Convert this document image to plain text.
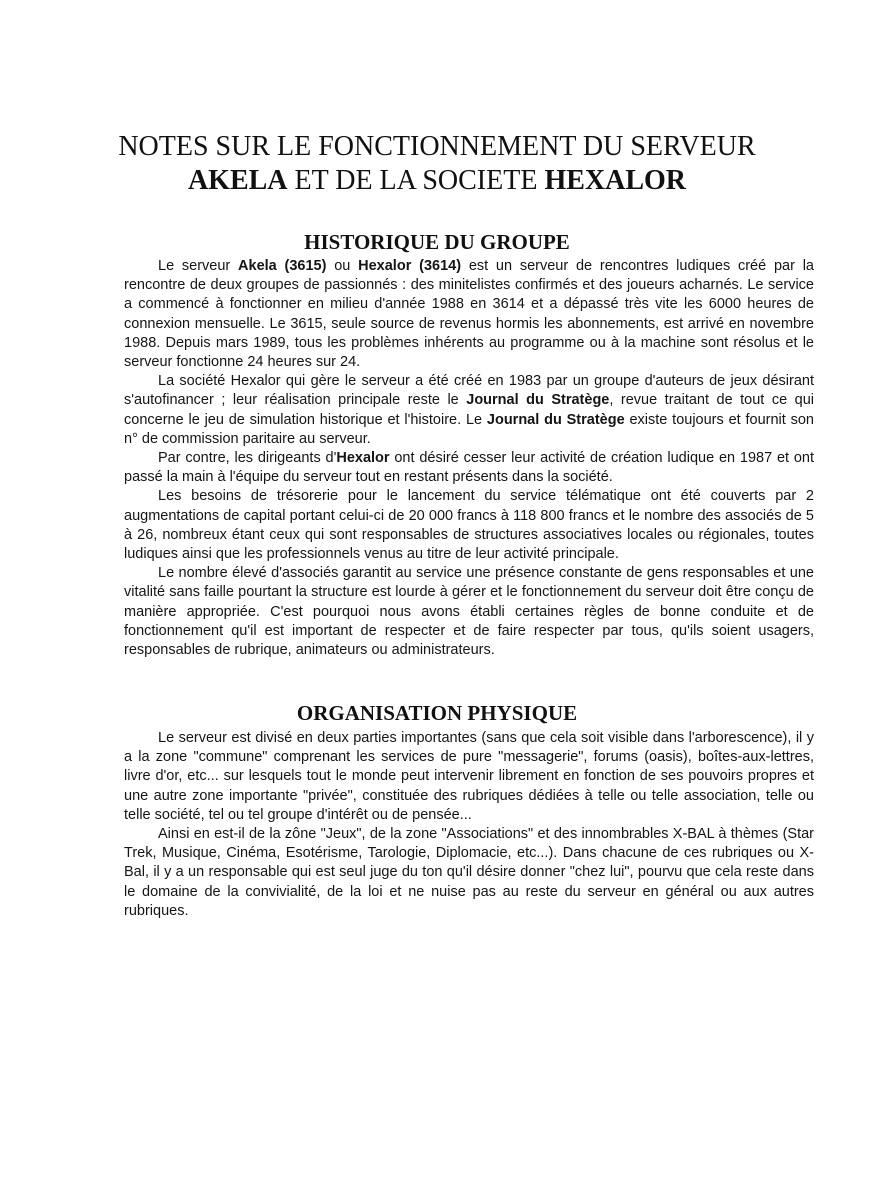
NOTES SUR LE FONCTIONNEMENT DU SERVEUR
AKELA ET DE LA SOCIETE HEXALOR
HISTORIQUE DU GROUPE

Le serveur Akela (3615) ou Hexalor (3614) est un serveur de rencontres ludiques créé par la rencontre de deux groupes de passionnés : des minitelistes confirmés et des joueurs acharnés. Le service a commencé à fonctionner en milieu d'année 1988 en 3614 et a dépassé très vite les 6000 heures de connexion mensuelle. Le 3615, seule source de revenus hormis les abonnements, est arrivé en novembre 1988. Depuis mars 1989, tous les problèmes inhérents au programme ou à la machine sont résolus et le serveur fonctionne 24 heures sur 24.

La société Hexalor qui gère le serveur a été créé en 1983 par un groupe d'auteurs de jeux désirant s'autofinancer ; leur réalisation principale reste le Journal du Stratège, revue traitant de tout ce qui concerne le jeu de simulation historique et l'histoire. Le Journal du Stratège existe toujours et fournit son n° de commission paritaire au serveur.

Par contre, les dirigeants d'Hexalor ont désiré cesser leur activité de création ludique en 1987 et ont passé la main à l'équipe du serveur tout en restant présents dans la société.

Les besoins de trésorerie pour le lancement du service télématique ont été couverts par 2 augmentations de capital portant celui-ci de 20 000 francs à 118 800 francs et le nombre des associés de 5 à 26, nombreux étant ceux qui sont responsables de structures associatives locales ou régionales, toutes ludiques ainsi que les professionnels venus au titre de leur activité principale.

Le nombre élevé d'associés garantit au service une présence constante de gens responsables et une vitalité sans faille pourtant la structure est lourde à gérer et le fonctionnement du serveur doit être conçu de manière appropriée. C'est pourquoi nous avons établi certaines règles de bonne conduite et de fonctionnement qu'il est important de respecter et de faire respecter par tous, qu'ils soient usagers, responsables de rubrique, animateurs ou administrateurs.

ORGANISATION PHYSIQUE

Le serveur est divisé en deux parties importantes (sans que cela soit visible dans l'arborescence), il y a la zone "commune" comprenant les services de pure "messagerie", forums (oasis), boîtes-aux-lettres, livre d'or, etc... sur lesquels tout le monde peut intervenir librement en fonction de ses pouvoirs propres et une autre zone importante "privée", constituée des rubriques dédiées à telle ou telle association, telle ou telle société, tel ou tel groupe d'intérêt ou de pensée...

Ainsi en est-il de la zône "Jeux", de la zone "Associations" et des innombrables X-BAL à thèmes (Star Trek, Musique, Cinéma, Esotérisme, Tarologie, Diplomacie, etc...). Dans chacune de ces rubriques ou X-Bal, il y a un responsable qui est seul juge du ton qu'il désire donner "chez lui", pourvu que cela reste dans le domaine de la convivialité, de la loi et ne nuise pas au reste du serveur en général ou aux autres rubriques.
